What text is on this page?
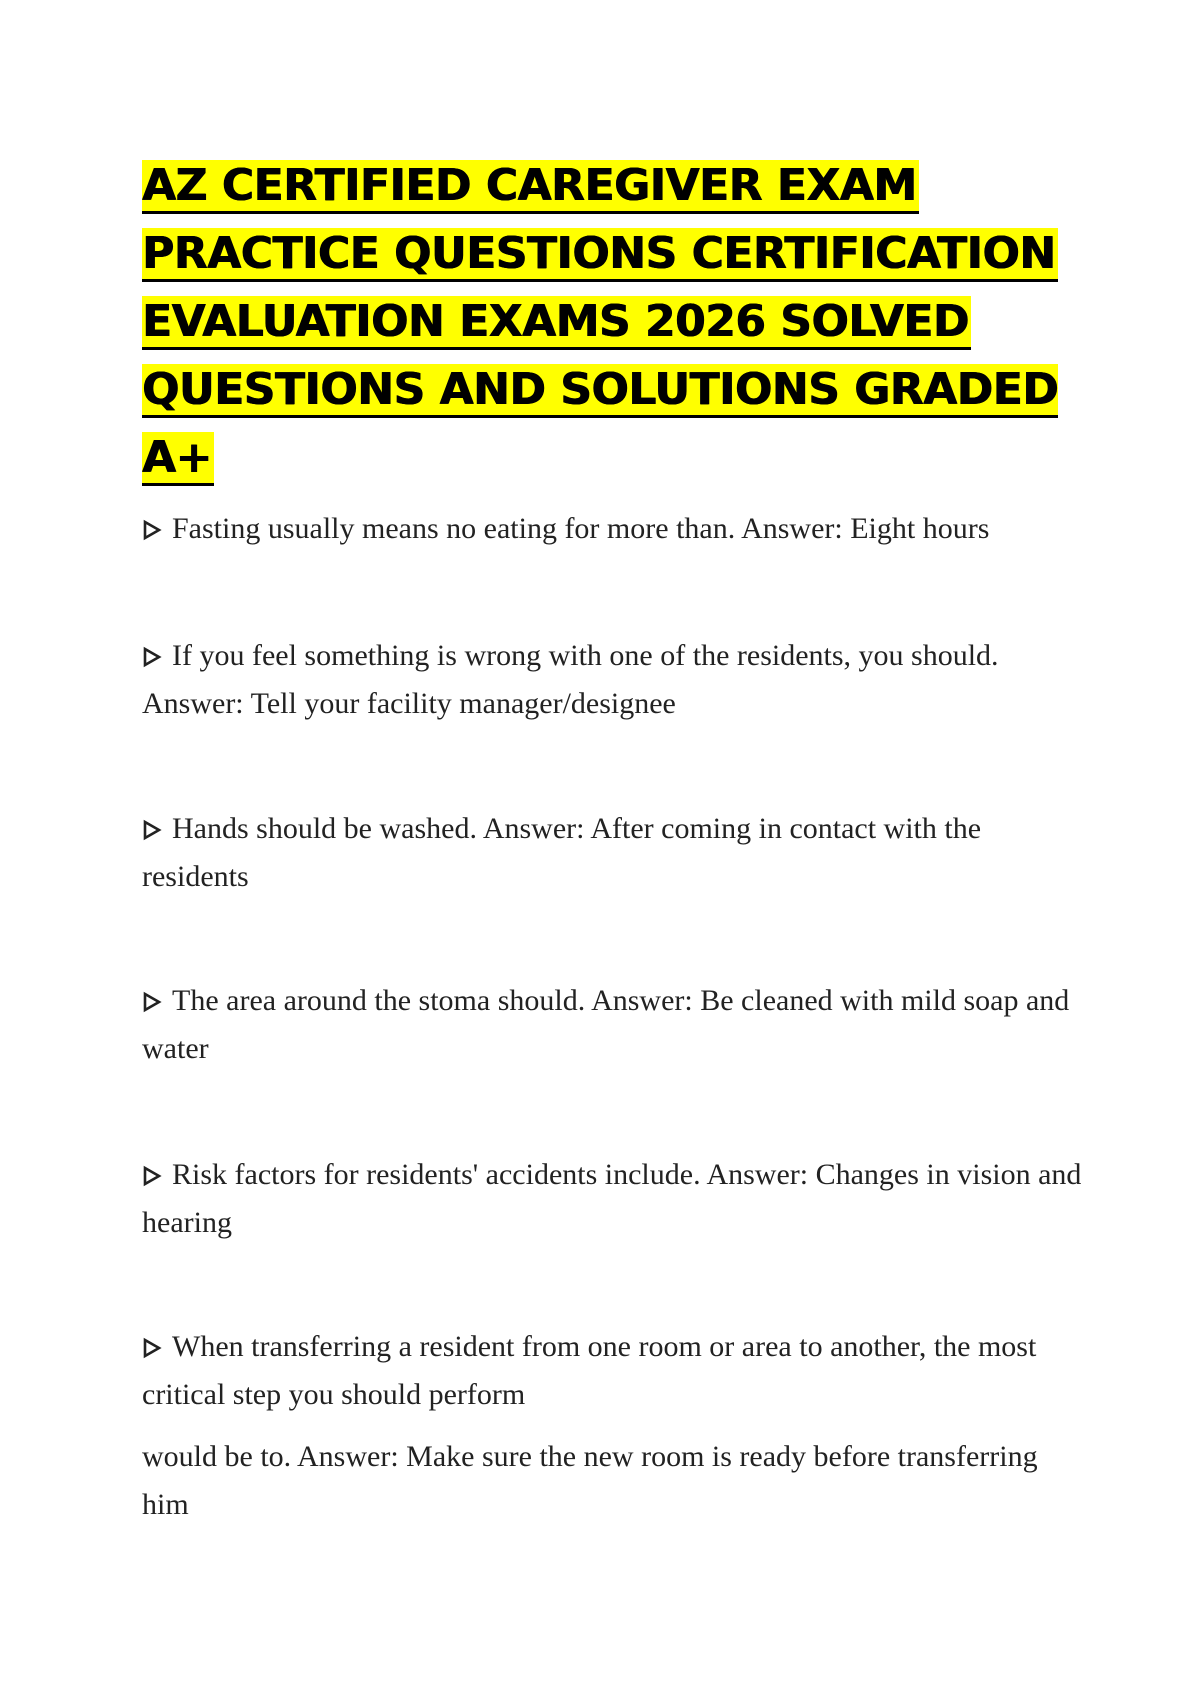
AZ CERTIFIED CAREGIVER EXAM
PRACTICE QUESTIONS CERTIFICATION
EVALUATION EXAMS 2026 SOLVED
QUESTIONS AND SOLUTIONS GRADED A+

Fasting usually means no eating for more than. Answer: Eight hours

If you feel something is wrong with one of the residents, you should. Answer: Tell your facility manager/designee

Hands should be washed. Answer: After coming in contact with the residents

The area around the stoma should. Answer: Be cleaned with mild soap and water

Risk factors for residents' accidents include. Answer: Changes in vision and hearing

When transferring a resident from one room or area to another, the most critical step you should perform
would be to. Answer: Make sure the new room is ready before transferring him
